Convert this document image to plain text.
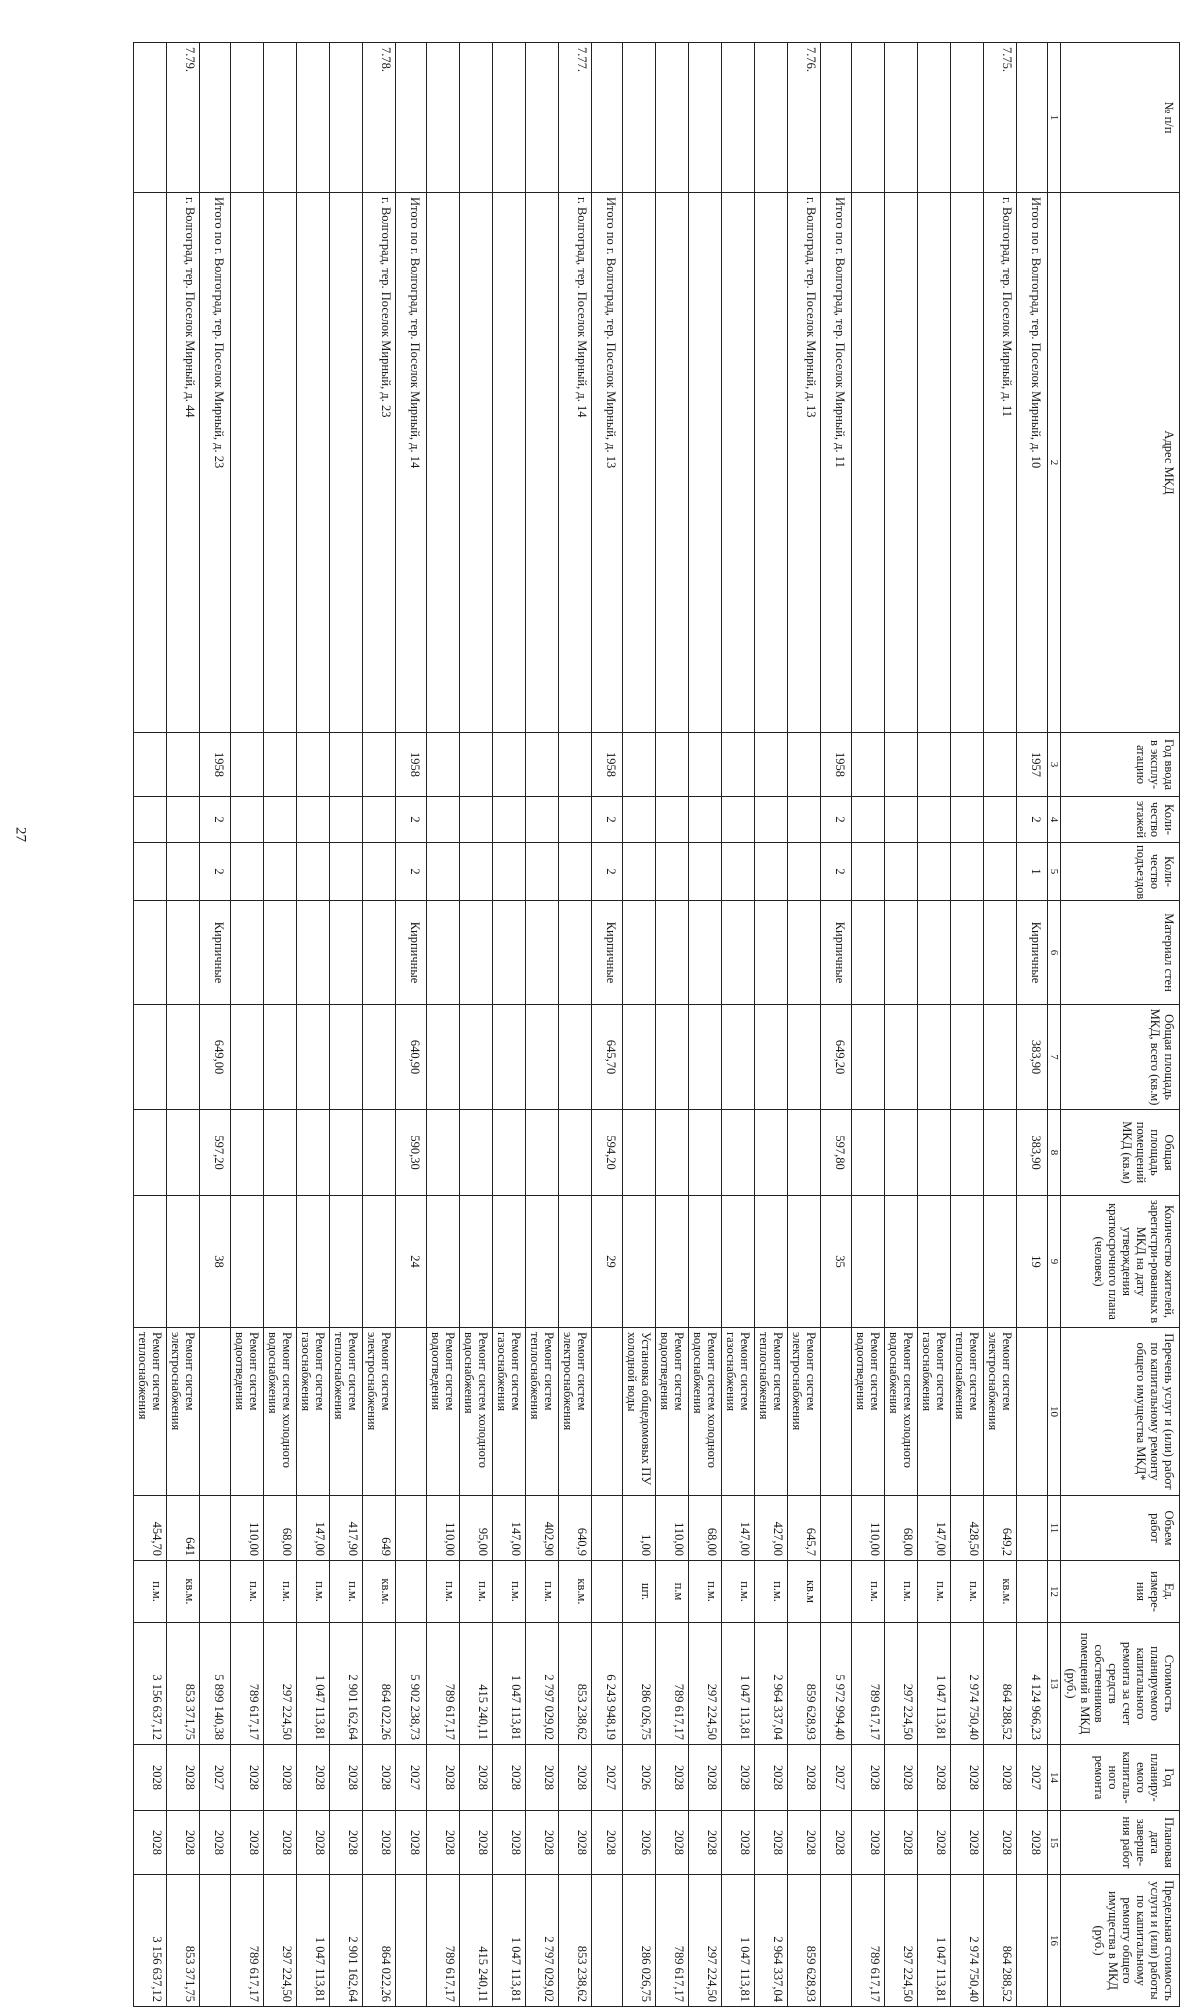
27
№ п/п	Адрес МКД	Год ввода в эксплу-атацию	Коли-чество этажей	Коли-чество подъездов	Материал стен	Общая площадь МКД, всего (кв.м)	Общая площадь помещений МКД (кв.м)	Количество жителей, зарегистри-рованных в МКД на дату утверждения краткосрочного плана (человек)	Перечень услуг и (или) работ по капитальному ремонту общего имущества МКД*	Объем работ	Ед. измере-ния	Стоимость планируемого капитального ремонта за счет средств собственников помещений в МКД (руб.)	Год планиру-емого капиталь-ного ремонта	Плановая дата заверше-ния работ	Предельная стоимость услуги и (или) работы по капитальному ремонту общего имущества в МКД (руб.)
1	2	3	4	5	6	7	8	9	10	11	12	13	14	15	16
	Итого по г. Волгоград, тер. Поселок Мирный, д. 10	1957	2	1	Кирпичные	383,90	383,90	19				4 124 966,23	2027	2028	
7.75.	г. Волгоград, тер. Поселок Мирный, д. 11								Ремонт систем электроснабжения	649,2	кв.м.	864 288,52	2028	2028	864 288,52
									Ремонт систем теплоснабжения	428,50	п.м.	2 974 750,40	2028	2028	2 974 750,40
									Ремонт систем газоснабжения	147,00	п.м.	1 047 113,81	2028	2028	1 047 113,81
									Ремонт систем холодного водоснабжения	68,00	п.м.	297 224,50	2028	2028	297 224,50
									Ремонт систем водоотведения	110,00	п.м.	789 617,17	2028	2028	789 617,17
	Итого по г. Волгоград, тер. Поселок Мирный, д. 11	1958	2	2	Кирпичные	649,20	597,80	35				5 972 994,40	2027	2028	
7.76.	г. Волгоград, тер. Поселок Мирный, д. 13								Ремонт систем электроснабжения	645,7	кв.м	859 628,93	2028	2028	859 628,93
									Ремонт систем теплоснабжения	427,00	п.м.	2 964 337,04	2028	2028	2 964 337,04
									Ремонт систем газоснабжения	147,00	п.м.	1 047 113,81	2028	2028	1 047 113,81
									Ремонт систем холодного водоснабжения	68,00	п.м.	297 224,50	2028	2028	297 224,50
									Ремонт систем водоотведения	110,00	п.м	789 617,17	2028	2028	789 617,17
									Установка общедомовых ПУ холодной воды	1,00	шт.	286 026,75	2026	2026	286 026,75
	Итого по г. Волгоград, тер. Поселок Мирный, д. 13	1958	2	2	Кирпичные	645,70	594,20	29				6 243 948,19	2027	2028	
7.77.	г. Волгоград, тер. Поселок Мирный, д. 14								Ремонт систем электроснабжения	640,9	кв.м.	853 238,62	2028	2028	853 238,62
									Ремонт систем теплоснабжения	402,90	п.м.	2 797 029,02	2028	2028	2 797 029,02
									Ремонт систем газоснабжения	147,00	п.м.	1 047 113,81	2028	2028	1 047 113,81
									Ремонт систем холодного водоснабжения	95,00	п.м.	415 240,11	2028	2028	415 240,11
									Ремонт систем водоотведения	110,00	п.м.	789 617,17	2028	2028	789 617,17
	Итого по г. Волгоград, тер. Поселок Мирный, д. 14	1958	2	2	Кирпичные	640,90	590,30	24				5 902 238,73	2027	2028	
7.78.	г. Волгоград, тер. Поселок Мирный, д. 23								Ремонт систем электроснабжения	649	кв.м.	864 022,26	2028	2028	864 022,26
									Ремонт систем теплоснабжения	417,90	п.м.	2 901 162,64	2028	2028	2 901 162,64
									Ремонт систем газоснабжения	147,00	п.м.	1 047 113,81	2028	2028	1 047 113,81
									Ремонт систем холодного водоснабжения	68,00	п.м.	297 224,50	2028	2028	297 224,50
									Ремонт систем водоотведения	110,00	п.м.	789 617,17	2028	2028	789 617,17
	Итого по г. Волгоград, тер. Поселок Мирный, д. 23	1958	2	2	Кирпичные	649,00	597,20	38				5 899 140,38	2027	2028	
7.79.	г. Волгоград, тер. Поселок Мирный, д. 44								Ремонт систем электроснабжения	641	кв.м.	853 371,75	2028	2028	853 371,75
									Ремонт систем теплоснабжения	454,70	п.м.	3 156 637,12	2028	2028	3 156 637,12
